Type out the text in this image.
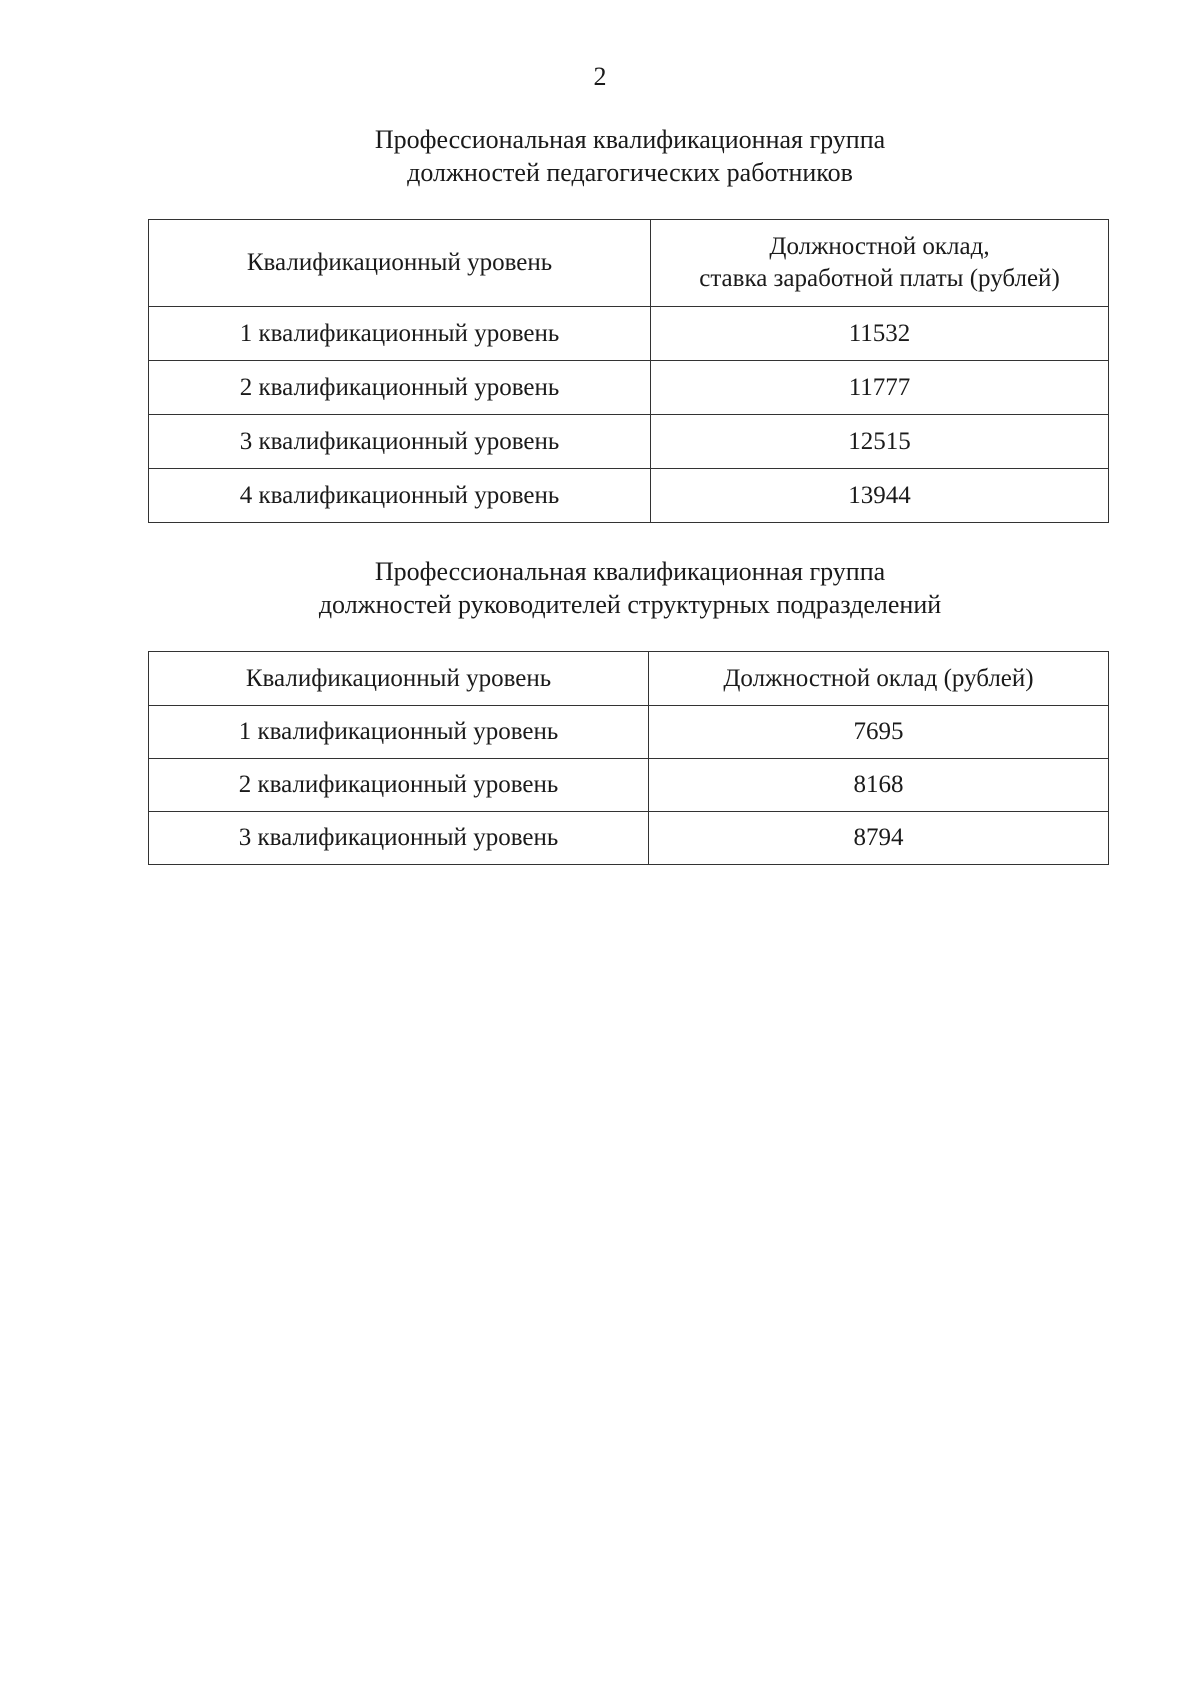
2
Профессиональная квалификационная группа
должностей педагогических работников
Квалификационный уровень	Должностной оклад,
ставка заработной платы (рублей)

1 квалификационный уровень	11532
2 квалификационный уровень	11777
3 квалификационный уровень	12515
4 квалификационный уровень	13944
Профессиональная квалификационная группа
должностей руководителей структурных подразделений
Квалификационный уровень	Должностной оклад (рублей)
1 квалификационный уровень	7695
2 квалификационный уровень	8168
3 квалификационный уровень	8794
